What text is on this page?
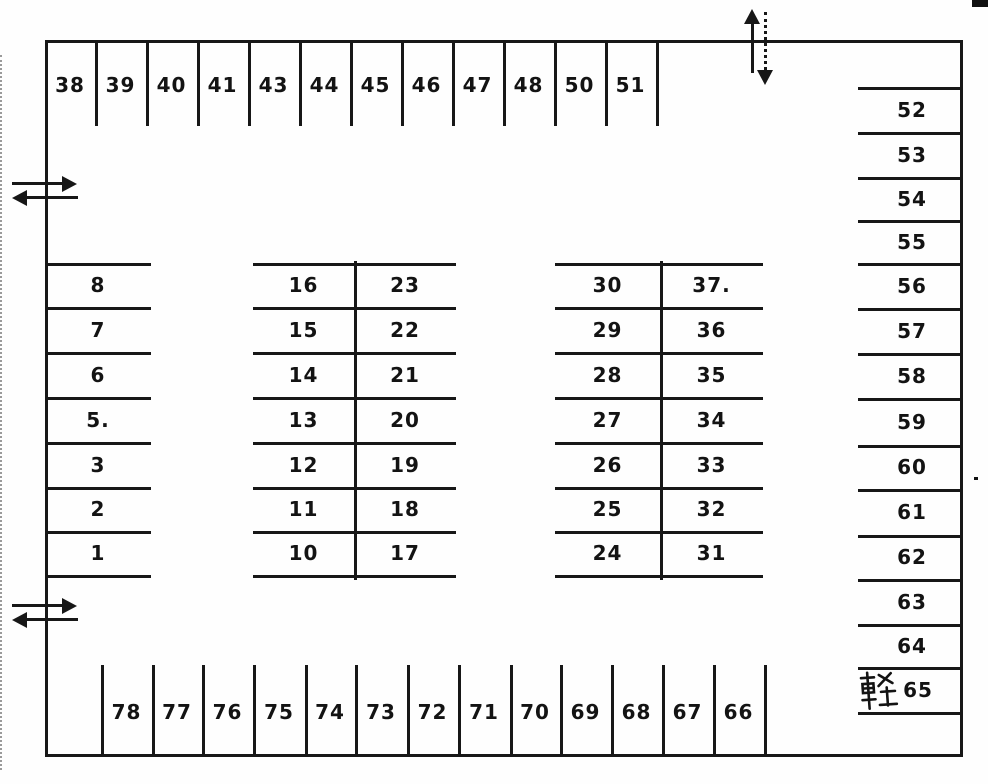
38 39 40 41 43 44 45 46 47 48 50 51
78 77 76 75 74 73 72 71 70 69 68 67 66
8
7
6
5.
3
2
1
16
15
14
13
12
11
10
23
22
21
20
19
18
17
30
29
28
27
26
25
24
37.
36
35
34
33
32
31
52
53
54
55
56
57
58
59
60
61
62
63
64
65
